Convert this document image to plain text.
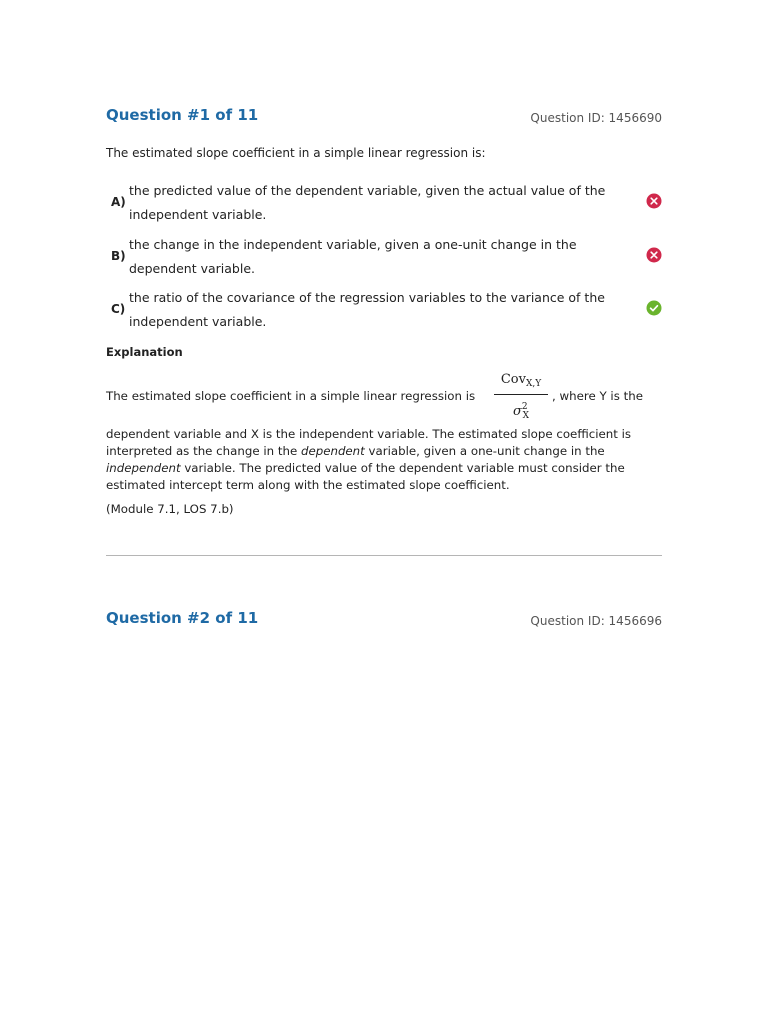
Question #1 of 11	Question ID: 1456690
The estimated slope coefficient in a simple linear regression is:
A)
the predicted value of the dependent variable, given the actual value of the independent variable.
B)
the change in the independent variable, given a one-unit change in the dependent variable.
C)
the ratio of the covariance of the regression variables to the variance of the independent variable.
Explanation
The estimated slope coefficient in a simple linear regression is
Cov$_{X,Y}$
$\sigma^2_X$
, where Y is the
dependent variable and X is the independent variable. The estimated slope coefficient is interpreted as the change in the dependent variable, given a one-unit change in the
independent variable. The predicted value of the dependent variable must consider the estimated intercept term along with the estimated slope coefficient.
(Module 7.1, LOS 7.b)
Question #2 of 11	Question ID: 1456696
